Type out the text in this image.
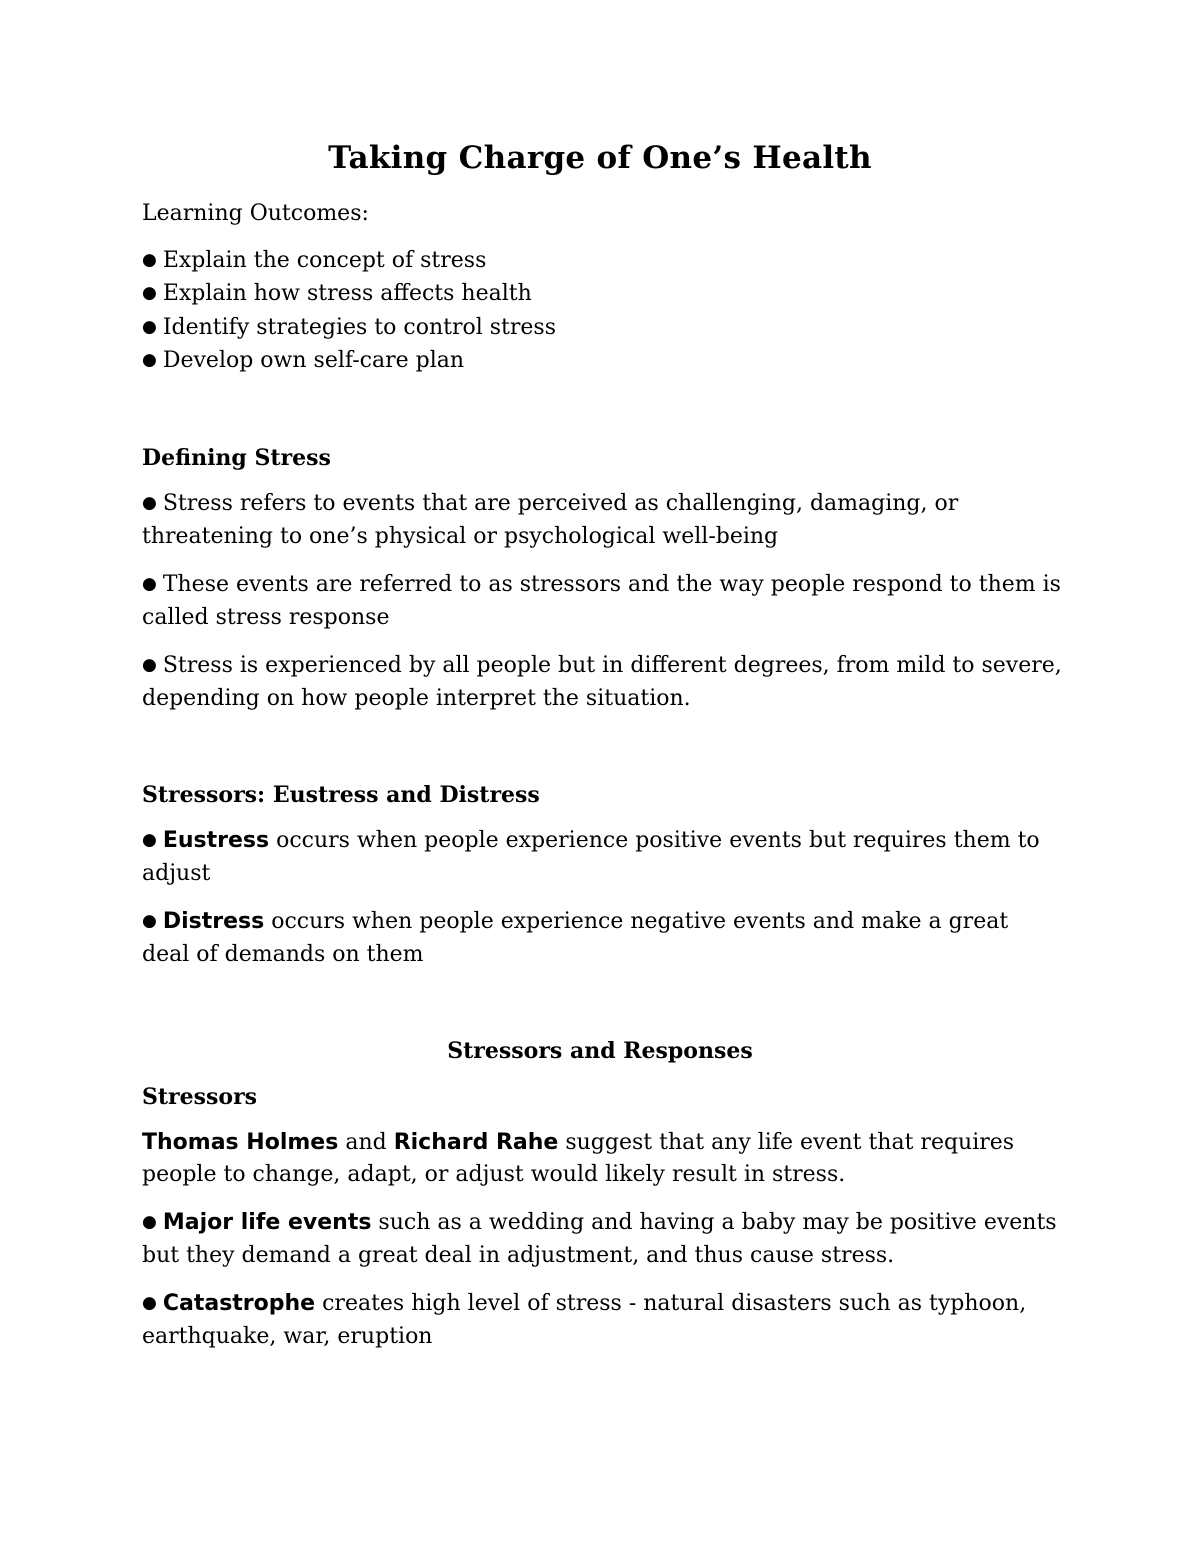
Taking Charge of One’s Health

Learning Outcomes:

● Explain the concept of stress

● Explain how stress affects health

● Identify strategies to control stress

● Develop own self-care plan

Defining Stress

● Stress refers to events that are perceived as challenging, damaging, or threatening to one’s physical or psychological well-being

● These events are referred to as stressors and the way people respond to them is called stress response

● Stress is experienced by all people but in different degrees, from mild to severe, depending on how people interpret the situation.

Stressors: Eustress and Distress

● Eustress occurs when people experience positive events but requires them to adjust

● Distress occurs when people experience negative events and make a great deal of demands on them

Stressors and Responses
Stressors

Thomas Holmes and Richard Rahe suggest that any life event that requires people to change, adapt, or adjust would likely result in stress.

● Major life events such as a wedding and having a baby may be positive events but they demand a great deal in adjustment, and thus cause stress.

● Catastrophe creates high level of stress - natural disasters such as typhoon, earthquake, war, eruption
